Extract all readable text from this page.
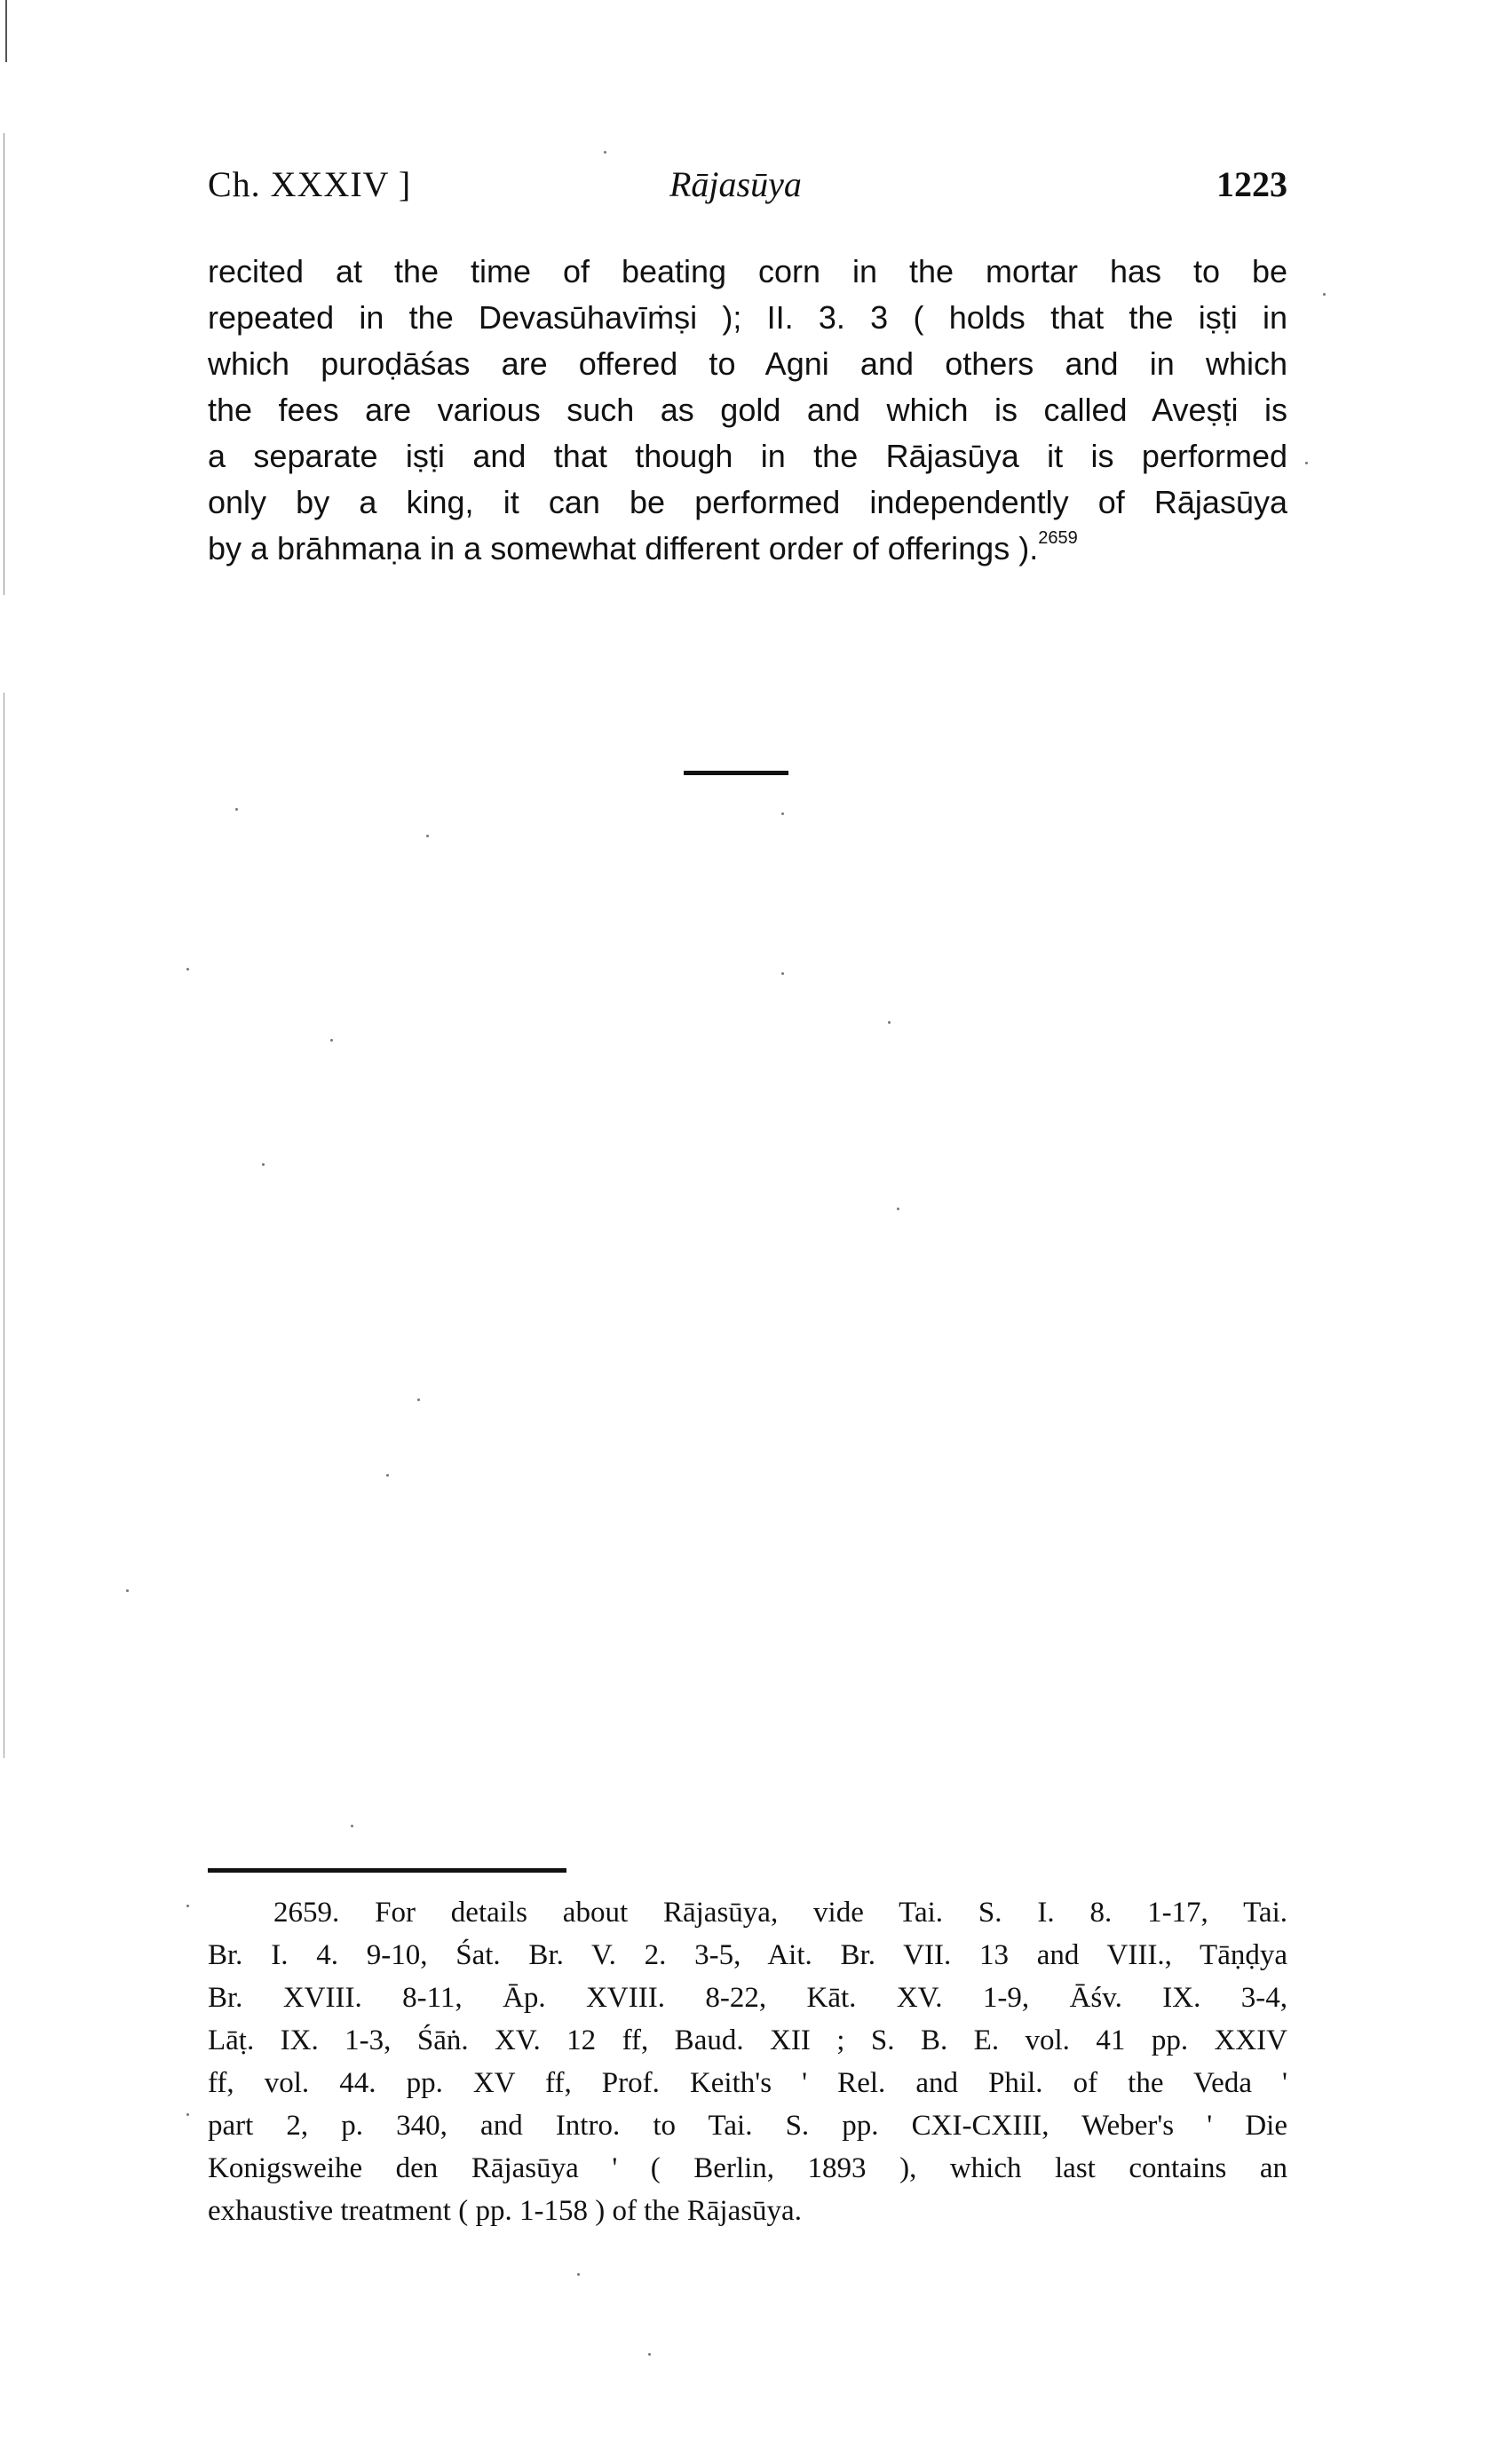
Ch. XXXIV ]	Rājasūya	1223
recited at the time of beating corn in the mortar has to be
repeated in the Devasūhavīṁṣi ); II. 3. 3 ( holds that the iṣṭi in
which puroḍāśas are offered to Agni and others and in which
the fees are various such as gold and which is called Aveṣṭi is
a separate iṣṭi and that though in the Rājasūya it is performed
only by a king, it can be performed independently of Rājasūya
by a brāhmaṇa in a somewhat different order of offerings ).$^{2659}$
2659. For details about Rājasūya, vide Tai. S. I. 8. 1-17, Tai.
Br. I. 4. 9-10, Śat. Br. V. 2. 3-5, Ait. Br. VII. 13 and VIII., Tāṇḍya
Br. XVIII. 8-11, Āp. XVIII. 8-22, Kāt. XV. 1-9, Āśv. IX. 3-4,
Lāṭ. IX. 1-3, Śāṅ. XV. 12 ff, Baud. XII ; S. B. E. vol. 41 pp. XXIV
ff, vol. 44. pp. XV ff, Prof. Keith's ' Rel. and Phil. of the Veda '
part 2, p. 340, and Intro. to Tai. S. pp. CXI-CXIII, Weber's ' Die
Konigsweihe den Rājasūya ' ( Berlin, 1893 ), which last contains an
exhaustive treatment ( pp. 1-158 ) of the Rājasūya.
